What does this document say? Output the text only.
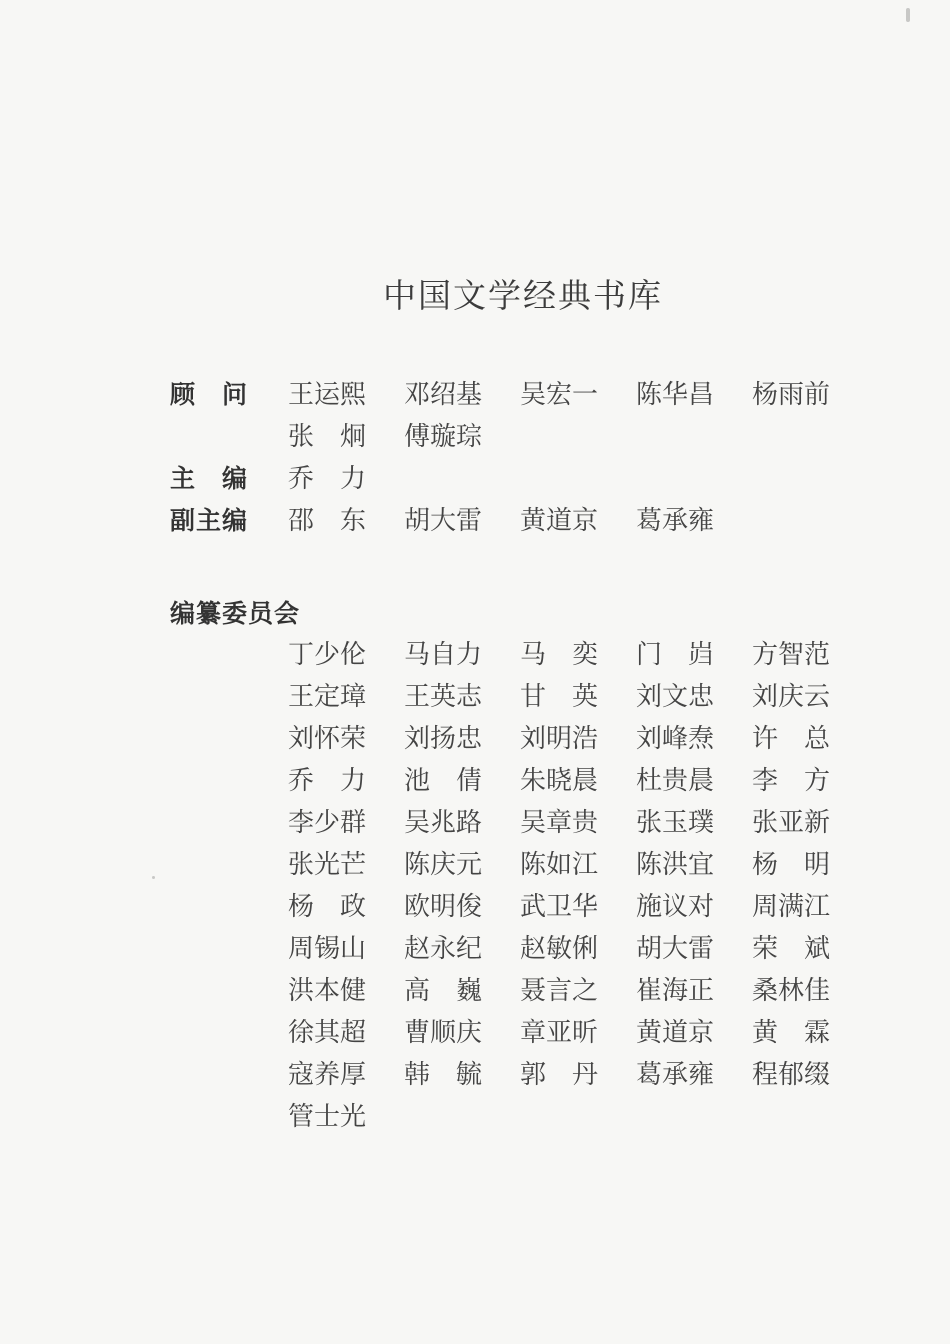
中国文学经典书库
顾　问	王运熙	邓绍基	吴宏一	陈华昌	杨雨前
张　炯	傅璇琮
主　编	乔　力
副主编	邵　东	胡大雷	黄道京	葛承雍
编纂委员会
丁少伦	马自力	马　奕	门　岿	方智范
王定璋	王英志	甘　英	刘文忠	刘庆云
刘怀荣	刘扬忠	刘明浩	刘峰焘	许　总
乔　力	池　倩	朱晓晨	杜贵晨	李　方
李少群	吴兆路	吴章贵	张玉璞	张亚新
张光芒	陈庆元	陈如江	陈洪宜	杨　明
杨　政	欧明俊	武卫华	施议对	周满江
周锡山	赵永纪	赵敏俐	胡大雷	荣　斌
洪本健	高　巍	聂言之	崔海正	桑林佳
徐其超	曹顺庆	章亚昕	黄道京	黄　霖
寇养厚	韩　毓	郭　丹	葛承雍	程郁缀
管士光
